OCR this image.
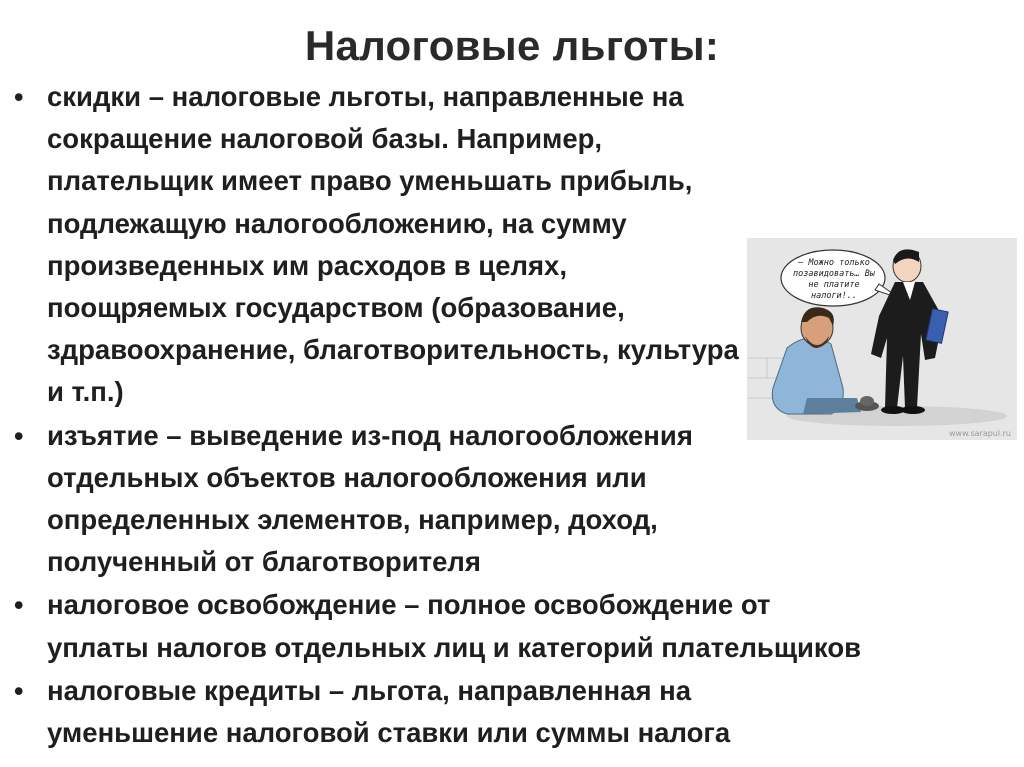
Налоговые льготы:
• скидки – налоговые льготы, направленные на сокращение налоговой базы. Например, плательщик имеет право уменьшать прибыль, подлежащую налогообложению, на сумму произведенных им расходов в целях, поощряемых государством (образование, здравоохранение, благотворительность, культура и т.п.)
• изъятие – выведение из-под налогообложения отдельных объектов налогообложения или определенных элементов, например, доход, полученный от благотворителя
• налоговое освобождение – полное освобождение от уплаты налогов отдельных лиц и категорий плательщиков
• налоговые кредиты – льгота, направленная на уменьшение налоговой ставки или суммы налога
– Можно только позавидовать… Вы не платите налоги!..
www.sarapul.ru
